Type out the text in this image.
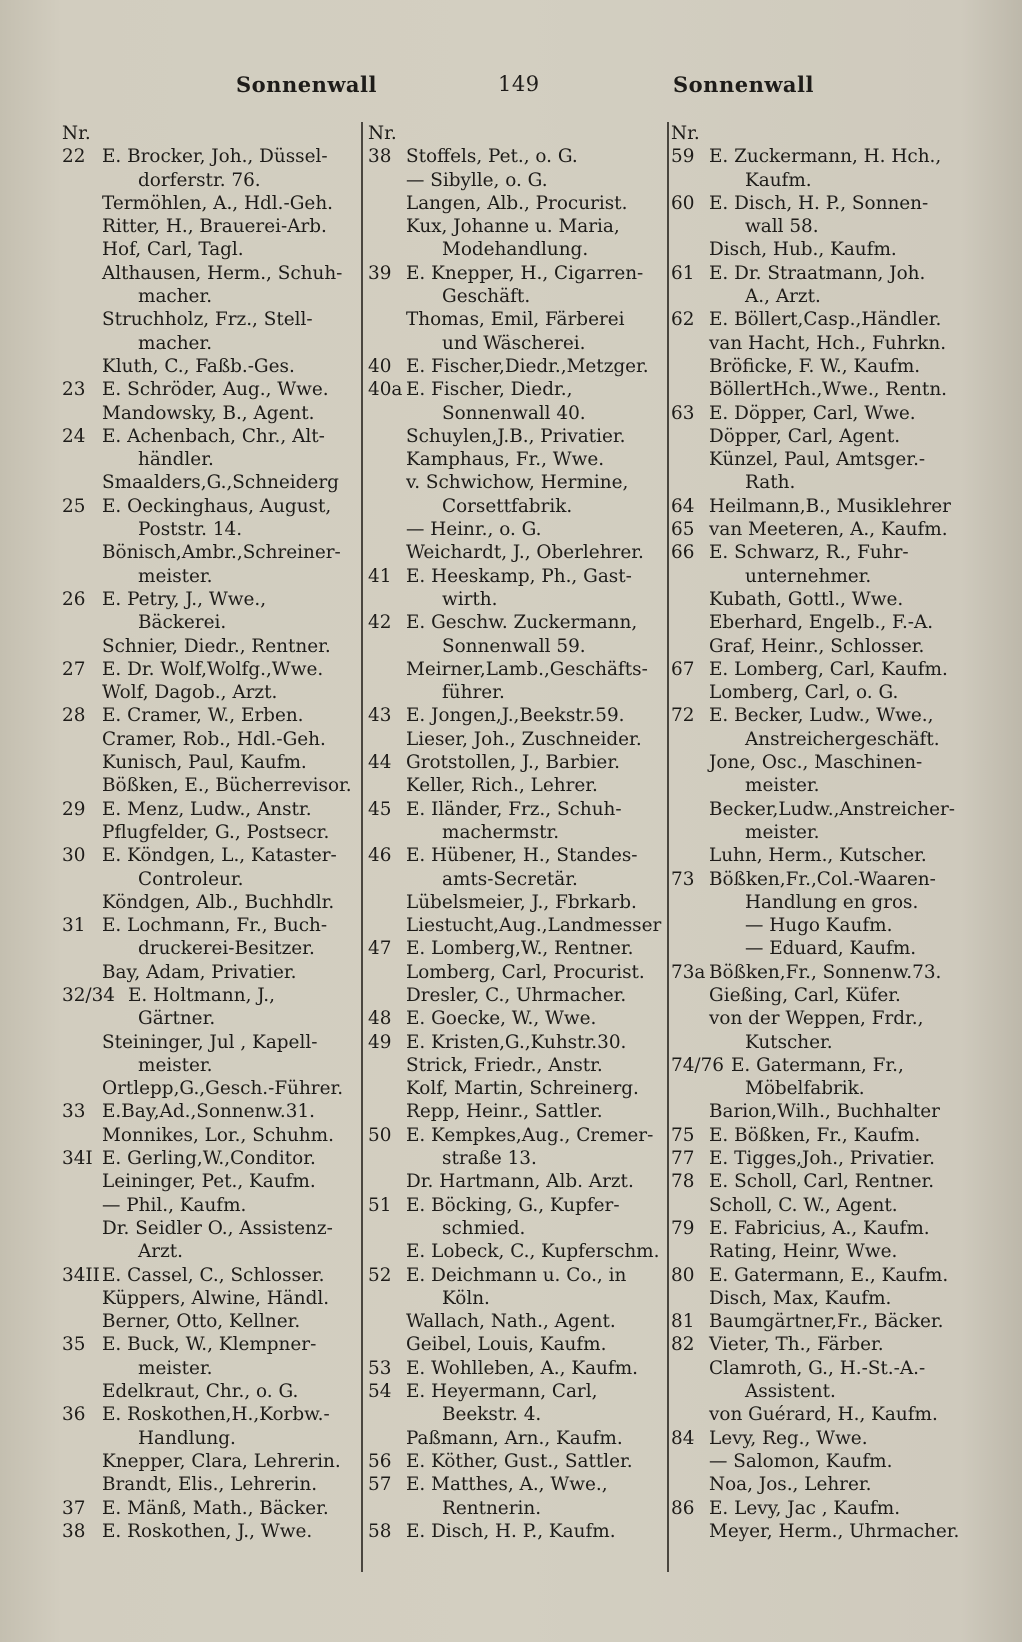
Sonnenwall	149	Sonnenwall
Nr.
22 E. Brocker, Joh., Düssel-
dorferstr. 76.
Termöhlen, A., Hdl.-Geh.
Ritter, H., Brauerei-Arb.
Hof, Carl, Tagl.
Althausen, Herm., Schuh-
macher.
Struchholz, Frz., Stell-
macher.
Kluth, C., Faßb.-Ges.
23 E. Schröder, Aug., Wwe.
Mandowsky, B., Agent.
24 E. Achenbach, Chr., Alt-
händler.
Smaalders,G.,Schneiderg
25 E. Oeckinghaus, August,
Poststr. 14.
Bönisch,Ambr.,Schreiner-
meister.
26 E. Petry, J., Wwe.,
Bäckerei.
Schnier, Diedr., Rentner.
27 E. Dr. Wolf,Wolfg.,Wwe.
Wolf, Dagob., Arzt.
28 E. Cramer, W., Erben.
Cramer, Rob., Hdl.-Geh.
Kunisch, Paul, Kaufm.
Bößken, E., Bücherrevisor.
29 E. Menz, Ludw., Anstr.
Pflugfelder, G., Postsecr.
30 E. Köndgen, L., Kataster-
Controleur.
Köndgen, Alb., Buchhdlr.
31 E. Lochmann, Fr., Buch-
druckerei-Besitzer.
Bay, Adam, Privatier.
32/34 E. Holtmann, J.,
Gärtner.
Steininger, Jul , Kapell-
meister.
Ortlepp,G.,Gesch.-Führer.
33 E.Bay,Ad.,Sonnenw.31.
Monnikes, Lor., Schuhm.
34I E. Gerling,W.,Conditor.
Leininger, Pet., Kaufm.
— Phil., Kaufm.
Dr. Seidler O., Assistenz-
Arzt.
34II E. Cassel, C., Schlosser.
Küppers, Alwine, Händl.
Berner, Otto, Kellner.
35 E. Buck, W., Klempner-
meister.
Edelkraut, Chr., o. G.
36 E. Roskothen,H.,Korbw.-
Handlung.
Knepper, Clara, Lehrerin.
Brandt, Elis., Lehrerin.
37 E. Mänß, Math., Bäcker.
38 E. Roskothen, J., Wwe.
Nr.
38 Stoffels, Pet., o. G.
— Sibylle, o. G.
Langen, Alb., Procurist.
Kux, Johanne u. Maria,
Modehandlung.
39 E. Knepper, H., Cigarren-
Geschäft.
Thomas, Emil, Färberei
und Wäscherei.
40 E. Fischer,Diedr.,Metzger.
40a E. Fischer, Diedr.,
Sonnenwall 40.
Schuylen,J.B., Privatier.
Kamphaus, Fr., Wwe.
v. Schwichow, Hermine,
Corsettfabrik.
— Heinr., o. G.
Weichardt, J., Oberlehrer.
41 E. Heeskamp, Ph., Gast-
wirth.
42 E. Geschw. Zuckermann,
Sonnenwall 59.
Meirner,Lamb.,Geschäfts-
führer.
43 E. Jongen,J.,Beekstr.59.
Lieser, Joh., Zuschneider.
44 Grotstollen, J., Barbier.
Keller, Rich., Lehrer.
45 E. Iländer, Frz., Schuh-
machermstr.
46 E. Hübener, H., Standes-
amts-Secretär.
Lübelsmeier, J., Fbrkarb.
Liestucht,Aug.,Landmesser
47 E. Lomberg,W., Rentner.
Lomberg, Carl, Procurist.
Dresler, C., Uhrmacher.
48 E. Goecke, W., Wwe.
49 E. Kristen,G.,Kuhstr.30.
Strick, Friedr., Anstr.
Kolf, Martin, Schreinerg.
Repp, Heinr., Sattler.
50 E. Kempkes,Aug., Cremer-
straße 13.
Dr. Hartmann, Alb. Arzt.
51 E. Böcking, G., Kupfer-
schmied.
E. Lobeck, C., Kupferschm.
52 E. Deichmann u. Co., in
Köln.
Wallach, Nath., Agent.
Geibel, Louis, Kaufm.
53 E. Wohlleben, A., Kaufm.
54 E. Heyermann, Carl,
Beekstr. 4.
Paßmann, Arn., Kaufm.
56 E. Köther, Gust., Sattler.
57 E. Matthes, A., Wwe.,
Rentnerin.
58 E. Disch, H. P., Kaufm.
Nr.
59 E. Zuckermann, H. Hch.,
Kaufm.
60 E. Disch, H. P., Sonnen-
wall 58.
Disch, Hub., Kaufm.
61 E. Dr. Straatmann, Joh.
A., Arzt.
62 E. Böllert,Casp.,Händler.
van Hacht, Hch., Fuhrkn.
Bröficke, F. W., Kaufm.
BöllertHch.,Wwe., Rentn.
63 E. Döpper, Carl, Wwe.
Döpper, Carl, Agent.
Künzel, Paul, Amtsger.-
Rath.
64 Heilmann,B., Musiklehrer
65 van Meeteren, A., Kaufm.
66 E. Schwarz, R., Fuhr-
unternehmer.
Kubath, Gottl., Wwe.
Eberhard, Engelb., F.-A.
Graf, Heinr., Schlosser.
67 E. Lomberg, Carl, Kaufm.
Lomberg, Carl, o. G.
72 E. Becker, Ludw., Wwe.,
Anstreichergeschäft.
Jone, Osc., Maschinen-
meister.
Becker,Ludw.,Anstreicher-
meister.
Luhn, Herm., Kutscher.
73 Bößken,Fr.,Col.-Waaren-
Handlung en gros.
— Hugo Kaufm.
— Eduard, Kaufm.
73a Bößken,Fr., Sonnenw.73.
Gießing, Carl, Küfer.
von der Weppen, Frdr.,
Kutscher.
74/76 E. Gatermann, Fr.,
Möbelfabrik.
Barion,Wilh., Buchhalter
75 E. Bößken, Fr., Kaufm.
77 E. Tigges,Joh., Privatier.
78 E. Scholl, Carl, Rentner.
Scholl, C. W., Agent.
79 E. Fabricius, A., Kaufm.
Rating, Heinr, Wwe.
80 E. Gatermann, E., Kaufm.
Disch, Max, Kaufm.
81 Baumgärtner,Fr., Bäcker.
82 Vieter, Th., Färber.
Clamroth, G., H.-St.-A.-
Assistent.
von Guérard, H., Kaufm.
84 Levy, Reg., Wwe.
— Salomon, Kaufm.
Noa, Jos., Lehrer.
86 E. Levy, Jac , Kaufm.
Meyer, Herm., Uhrmacher.
